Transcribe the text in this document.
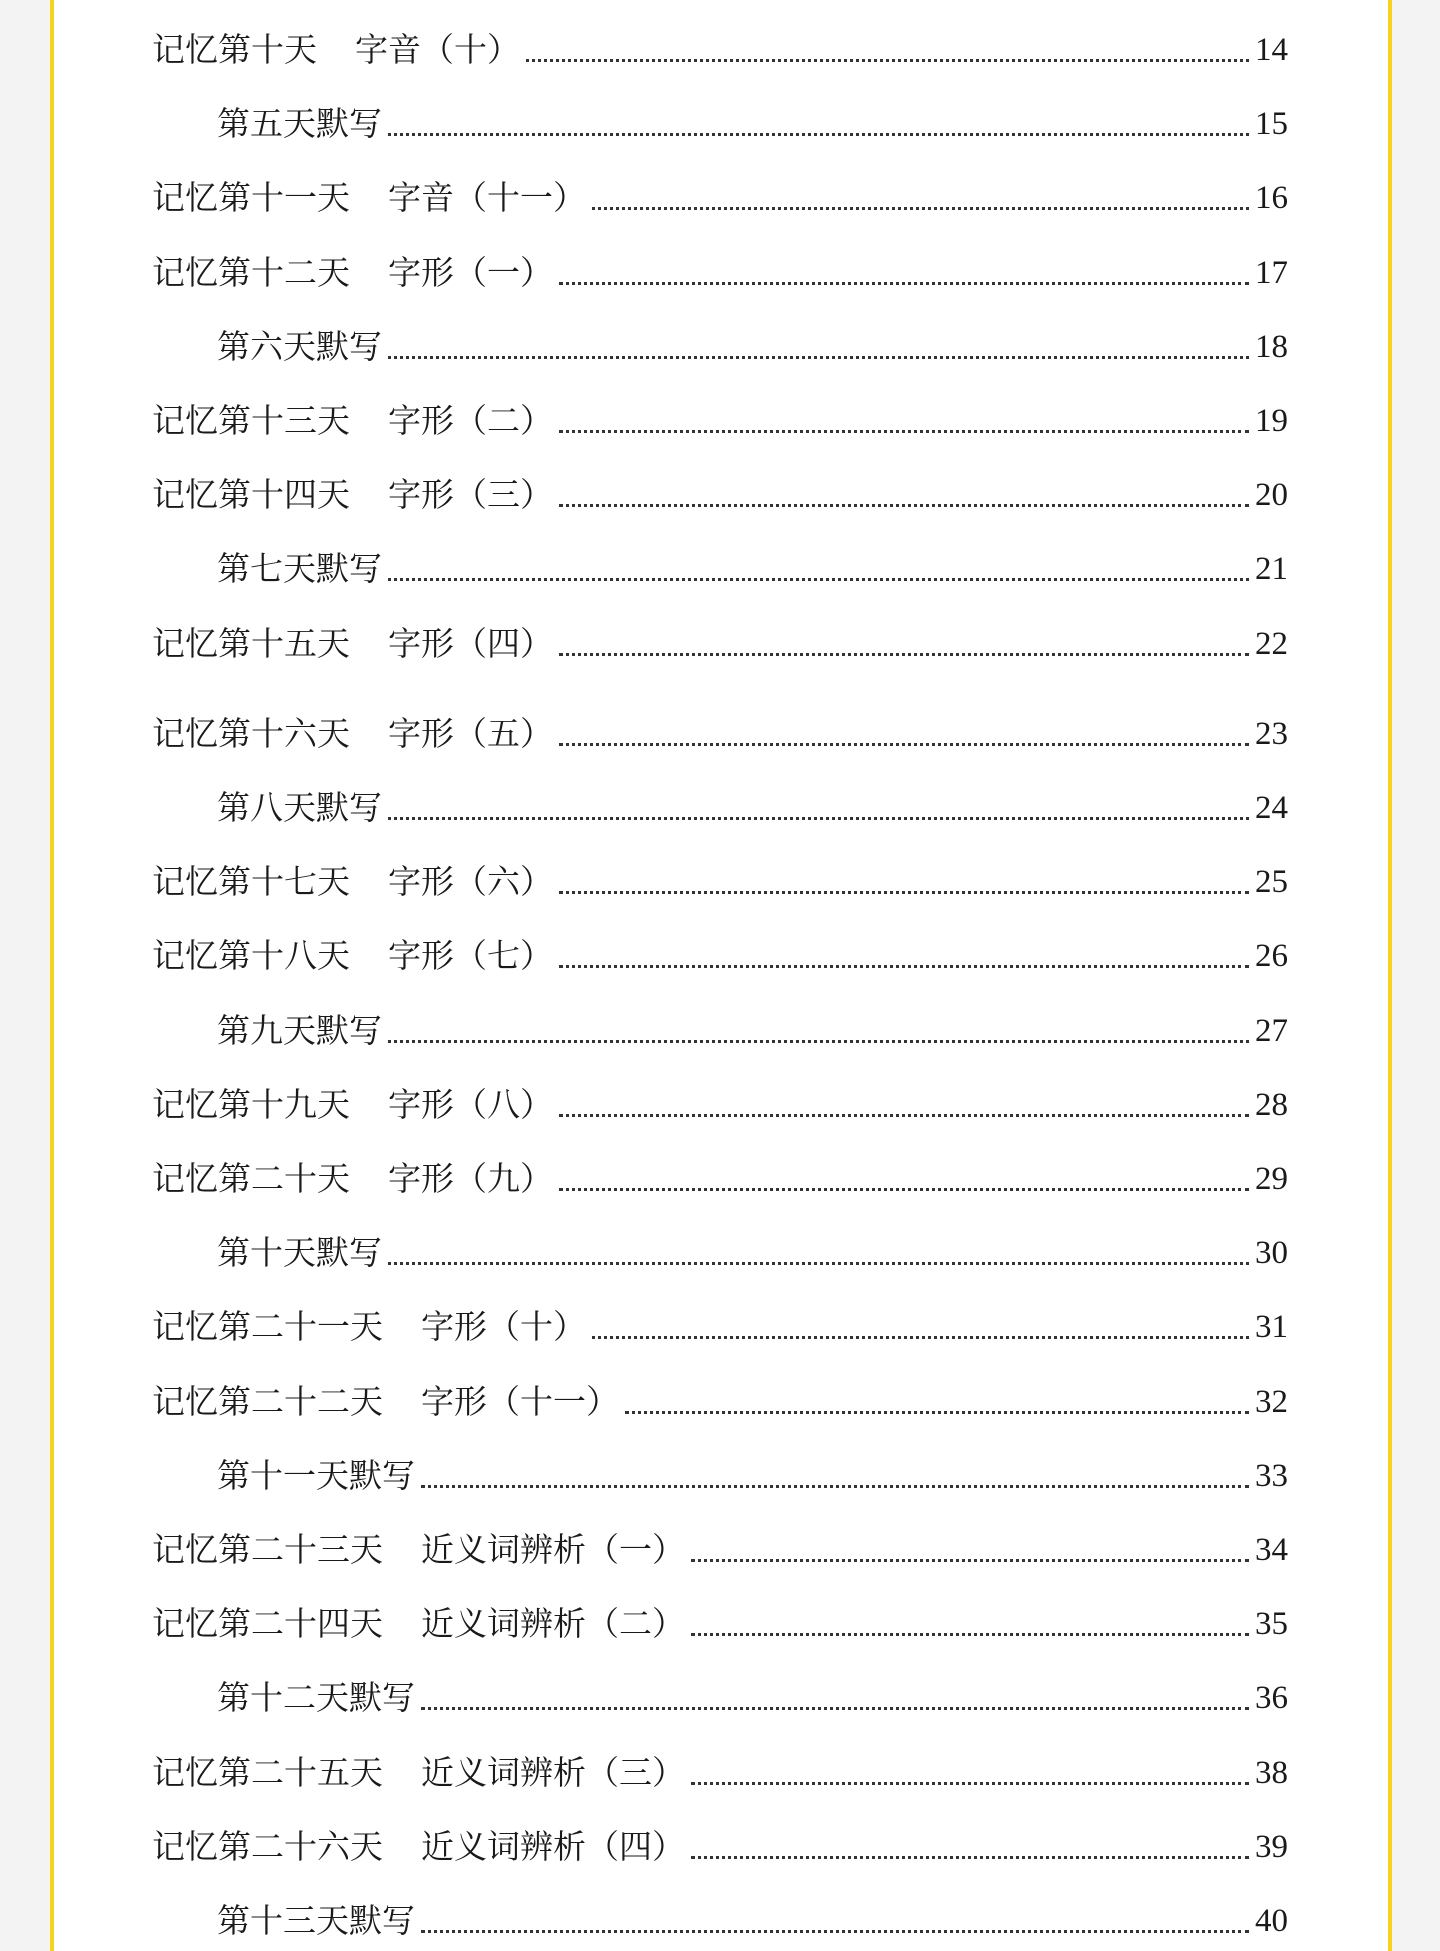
记忆第十天 字音（十）	14
第五天默写	15
记忆第十一天 字音（十一）	16
记忆第十二天 字形（一）	17
第六天默写	18
记忆第十三天 字形（二）	19
记忆第十四天 字形（三）	20
第七天默写	21
记忆第十五天 字形（四）	22
记忆第十六天 字形（五）	23
第八天默写	24
记忆第十七天 字形（六）	25
记忆第十八天 字形（七）	26
第九天默写	27
记忆第十九天 字形（八）	28
记忆第二十天 字形（九）	29
第十天默写	30
记忆第二十一天 字形（十）	31
记忆第二十二天 字形（十一）	32
第十一天默写	33
记忆第二十三天 近义词辨析（一）	34
记忆第二十四天 近义词辨析（二）	35
第十二天默写	36
记忆第二十五天 近义词辨析（三）	38
记忆第二十六天 近义词辨析（四）	39
第十三天默写	40
